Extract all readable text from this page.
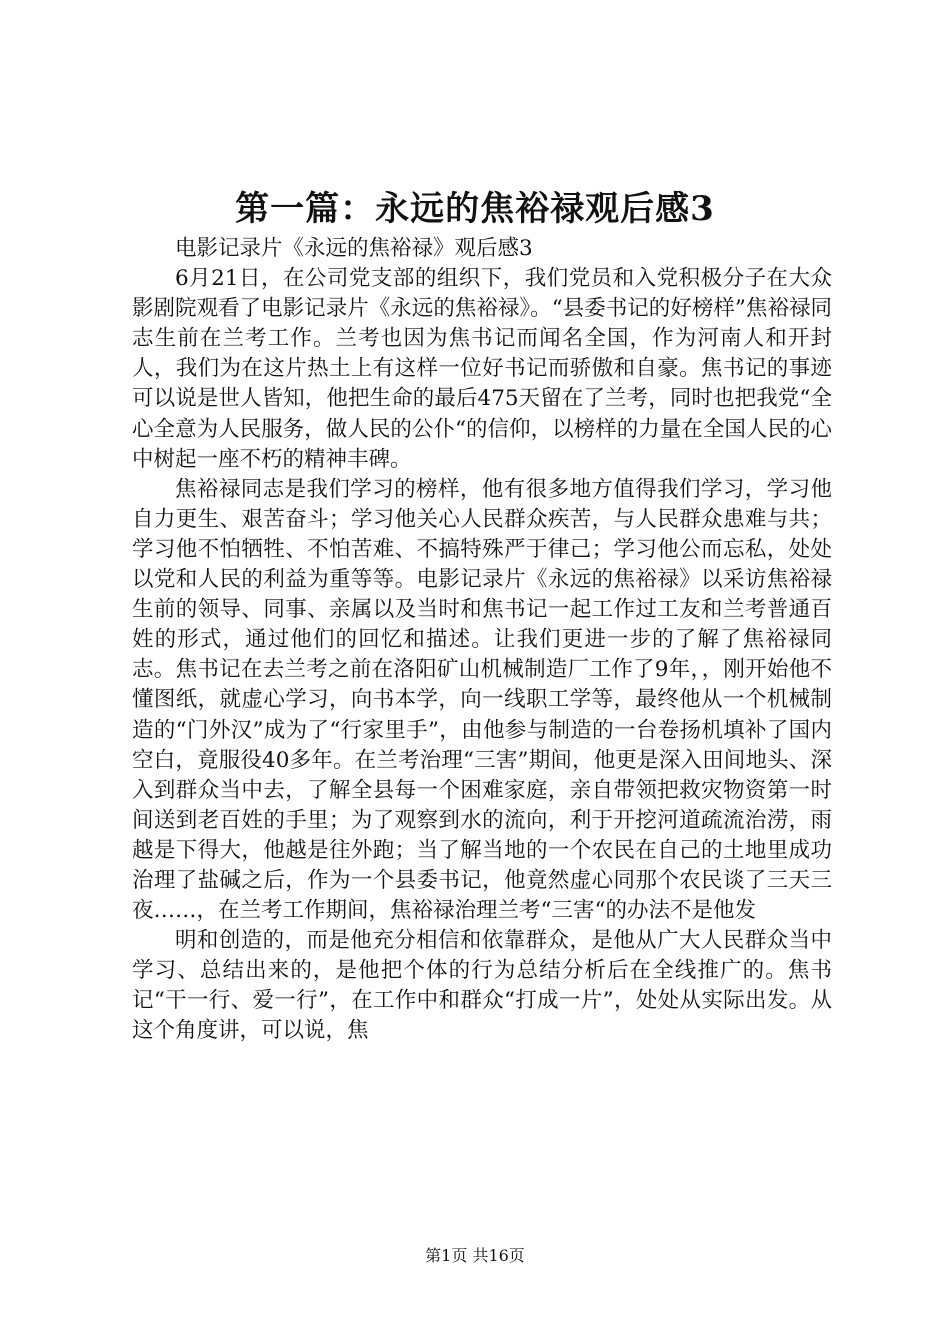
第一篇：永远的焦裕禄观后感3

电影记录片《永远的焦裕禄》观后感3

6月21日，在公司党支部的组织下，我们党员和入党积极分子在大众影剧院观看了电影记录片《永远的焦裕禄》。“县委书记的好榜样”焦裕禄同志生前在兰考工作。兰考也因为焦书记而闻名全国，作为河南人和开封人，我们为在这片热土上有这样一位好书记而骄傲和自豪。焦书记的事迹可以说是世人皆知，他把生命的最后475天留在了兰考，同时也把我党“全心全意为人民服务，做人民的公仆“的信仰，以榜样的力量在全国人民的心中树起一座不朽的精神丰碑。

焦裕禄同志是我们学习的榜样，他有很多地方值得我们学习，学习他自力更生、艰苦奋斗；学习他关心人民群众疾苦，与人民群众患难与共；学习他不怕牺牲、不怕苦难、不搞特殊严于律己；学习他公而忘私，处处以党和人民的利益为重等等。电影记录片《永远的焦裕禄》以采访焦裕禄生前的领导、同事、亲属以及当时和焦书记一起工作过工友和兰考普通百姓的形式，通过他们的回忆和描述。让我们更进一步的了解了焦裕禄同志。焦书记在去兰考之前在洛阳矿山机械制造厂工作了9年，，刚开始他不懂图纸，就虚心学习，向书本学，向一线职工学等，最终他从一个机械制造的“门外汉”成为了“行家里手”，由他参与制造的一台卷扬机填补了国内空白，竟服役40多年。在兰考治理“三害”期间，他更是深入田间地头、深入到群众当中去，了解全县每一个困难家庭，亲自带领把救灾物资第一时间送到老百姓的手里；为了观察到水的流向，利于开挖河道疏流治涝，雨越是下得大，他越是往外跑；当了解当地的一个农民在自己的土地里成功治理了盐碱之后，作为一个县委书记，他竟然虚心同那个农民谈了三天三夜……，在兰考工作期间，焦裕禄治理兰考“三害“的办法不是他发

明和创造的，而是他充分相信和依靠群众，是他从广大人民群众当中学习、总结出来的，是他把个体的行为总结分析后在全线推广的。焦书记“干一行、爱一行”，在工作中和群众“打成一片”，处处从实际出发。从这个角度讲，可以说，焦

第1页 共16页
